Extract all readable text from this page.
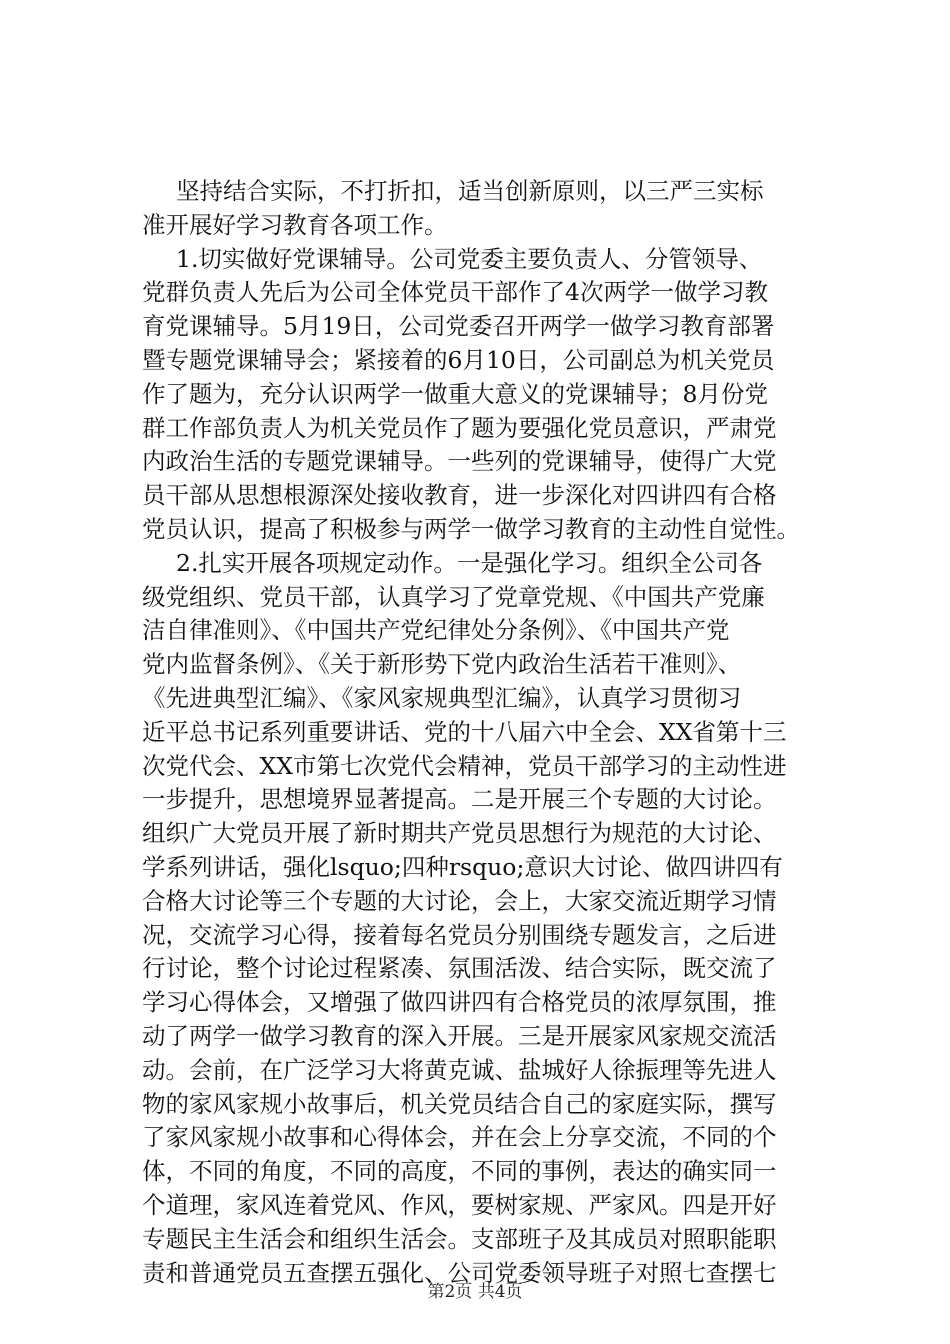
坚持结合实际，不打折扣，适当创新原则，以三严三实标
准开展好学习教育各项工作。
1.切实做好党课辅导。公司党委主要负责人、分管领导、
党群负责人先后为公司全体党员干部作了4次两学一做学习教
育党课辅导。5月19日，公司党委召开两学一做学习教育部署
暨专题党课辅导会；紧接着的6月10日，公司副总为机关党员
作了题为，充分认识两学一做重大意义的党课辅导；8月份党
群工作部负责人为机关党员作了题为要强化党员意识，严肃党
内政治生活的专题党课辅导。一些列的党课辅导，使得广大党
员干部从思想根源深处接收教育，进一步深化对四讲四有合格
党员认识，提高了积极参与两学一做学习教育的主动性自觉性。
2.扎实开展各项规定动作。一是强化学习。组织全公司各
级党组织、党员干部，认真学习了党章党规、《中国共产党廉
洁自律准则》、《中国共产党纪律处分条例》、《中国共产党
党内监督条例》、《关于新形势下党内政治生活若干准则》、
《先进典型汇编》、《家风家规典型汇编》，认真学习贯彻习
近平总书记系列重要讲话、党的十八届六中全会、XX省第十三
次党代会、XX市第七次党代会精神，党员干部学习的主动性进
一步提升，思想境界显著提高。二是开展三个专题的大讨论。
组织广大党员开展了新时期共产党员思想行为规范的大讨论、
学系列讲话，强化lsquo;四种rsquo;意识大讨论、做四讲四有
合格大讨论等三个专题的大讨论，会上，大家交流近期学习情
况，交流学习心得，接着每名党员分别围绕专题发言，之后进
行讨论，整个讨论过程紧凑、氛围活泼、结合实际，既交流了
学习心得体会，又增强了做四讲四有合格党员的浓厚氛围，推
动了两学一做学习教育的深入开展。三是开展家风家规交流活
动。会前，在广泛学习大将黄克诚、盐城好人徐振理等先进人
物的家风家规小故事后，机关党员结合自己的家庭实际，撰写
了家风家规小故事和心得体会，并在会上分享交流，不同的个
体，不同的角度，不同的高度，不同的事例，表达的确实同一
个道理，家风连着党风、作风，要树家规、严家风。四是开好
专题民主生活会和组织生活会。支部班子及其成员对照职能职
责和普通党员五查摆五强化、公司党委领导班子对照七查摆七
第2页 共4页
